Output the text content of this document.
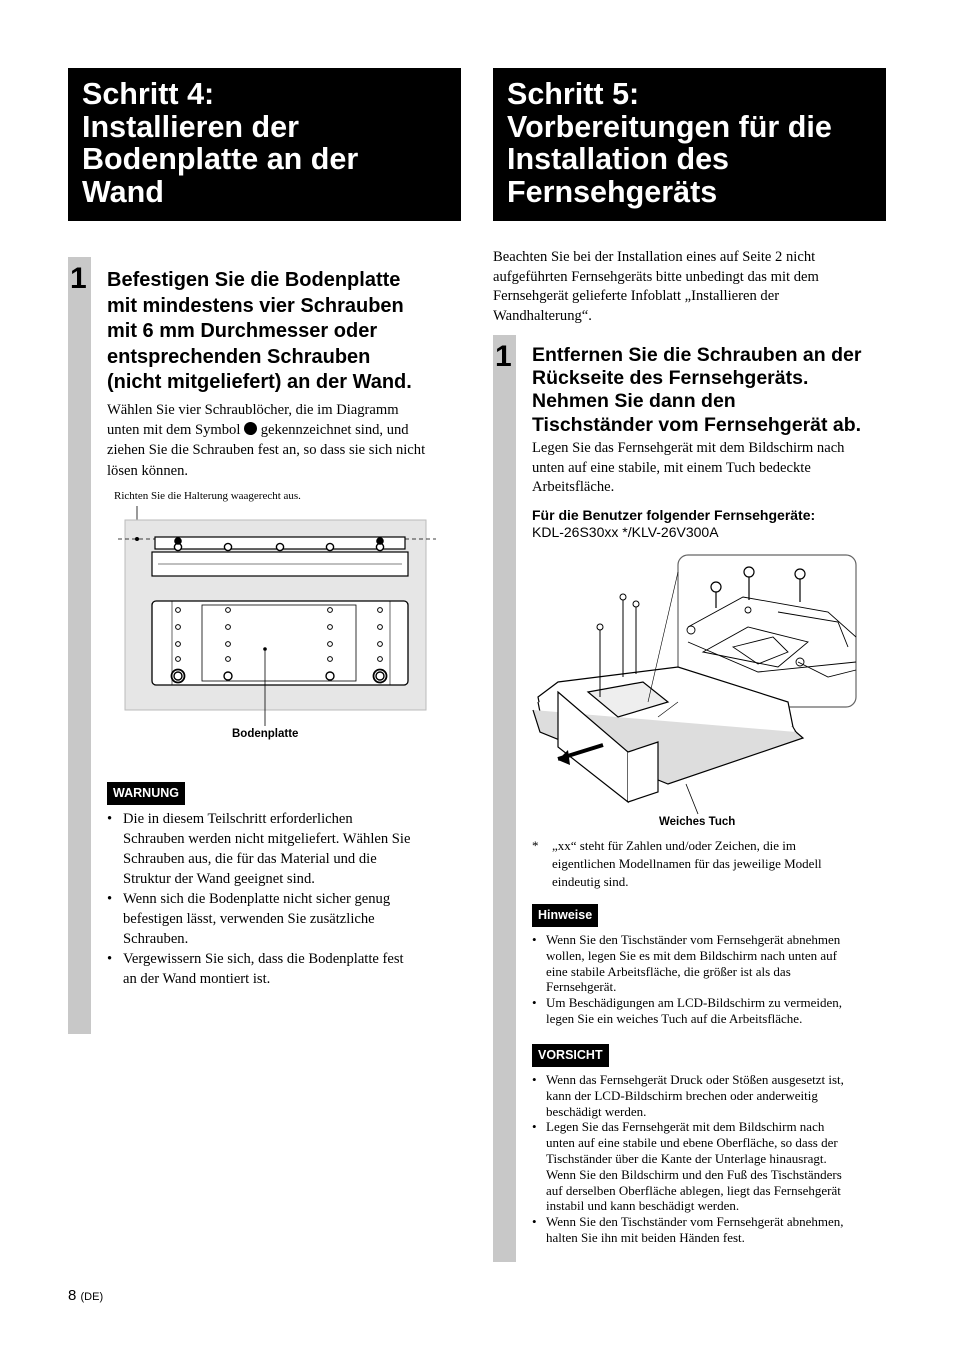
Schritt 4:
Installieren der
Bodenplatte an der
Wand
1 Befestigen Sie die Bodenplatte
mit mindestens vier Schrauben
mit 6 mm Durchmesser oder
entsprechenden Schrauben
(nicht mitgeliefert) an der Wand.
Wählen Sie vier Schraublöcher, die im Diagramm
unten mit dem Symbol gekennzeichnet sind, und
ziehen Sie die Schrauben fest an, so dass sie sich nicht
lösen können.
Richten Sie die Halterung waagerecht aus.
Bodenplatte
WARNUNG
• Die in diesem Teilschritt erforderlichen
Schrauben werden nicht mitgeliefert. Wählen Sie
Schrauben aus, die für das Material und die
Struktur der Wand geeignet sind.
• Wenn sich die Bodenplatte nicht sicher genug
befestigen lässt, verwenden Sie zusätzliche
Schrauben.
• Vergewissern Sie sich, dass die Bodenplatte fest
an der Wand montiert ist.
Schritt 5:
Vorbereitungen für die
Installation des
Fernsehgeräts
Beachten Sie bei der Installation eines auf Seite 2 nicht
aufgeführten Fernsehgeräts bitte unbedingt das mit dem
Fernsehgerät gelieferte Infoblatt „Installieren der
Wandhalterung“.
1 Entfernen Sie die Schrauben an der
Rückseite des Fernsehgeräts.
Nehmen Sie dann den
Tischständer vom Fernsehgerät ab.
Legen Sie das Fernsehgerät mit dem Bildschirm nach
unten auf eine stabile, mit einem Tuch bedeckte
Arbeitsfläche.
Für die Benutzer folgender Fernsehgeräte:
KDL-26S30xx */KLV-26V300A
Weiches Tuch
* „xx“ steht für Zahlen und/oder Zeichen, die im
eigentlichen Modellnamen für das jeweilige Modell
eindeutig sind.
Hinweise
• Wenn Sie den Tischständer vom Fernsehgerät abnehmen
wollen, legen Sie es mit dem Bildschirm nach unten auf
eine stabile Arbeitsfläche, die größer ist als das
Fernsehgerät.
• Um Beschädigungen am LCD-Bildschirm zu vermeiden,
legen Sie ein weiches Tuch auf die Arbeitsfläche.
VORSICHT
• Wenn das Fernsehgerät Druck oder Stößen ausgesetzt ist,
kann der LCD-Bildschirm brechen oder anderweitig
beschädigt werden.
• Legen Sie das Fernsehgerät mit dem Bildschirm nach
unten auf eine stabile und ebene Oberfläche, so dass der
Tischständer über die Kante der Unterlage hinausragt.
Wenn Sie den Bildschirm und den Fuß des Tischständers
auf derselben Oberfläche ablegen, liegt das Fernsehgerät
instabil und kann beschädigt werden.
• Wenn Sie den Tischständer vom Fernsehgerät abnehmen,
halten Sie ihn mit beiden Händen fest.
8 (DE)
